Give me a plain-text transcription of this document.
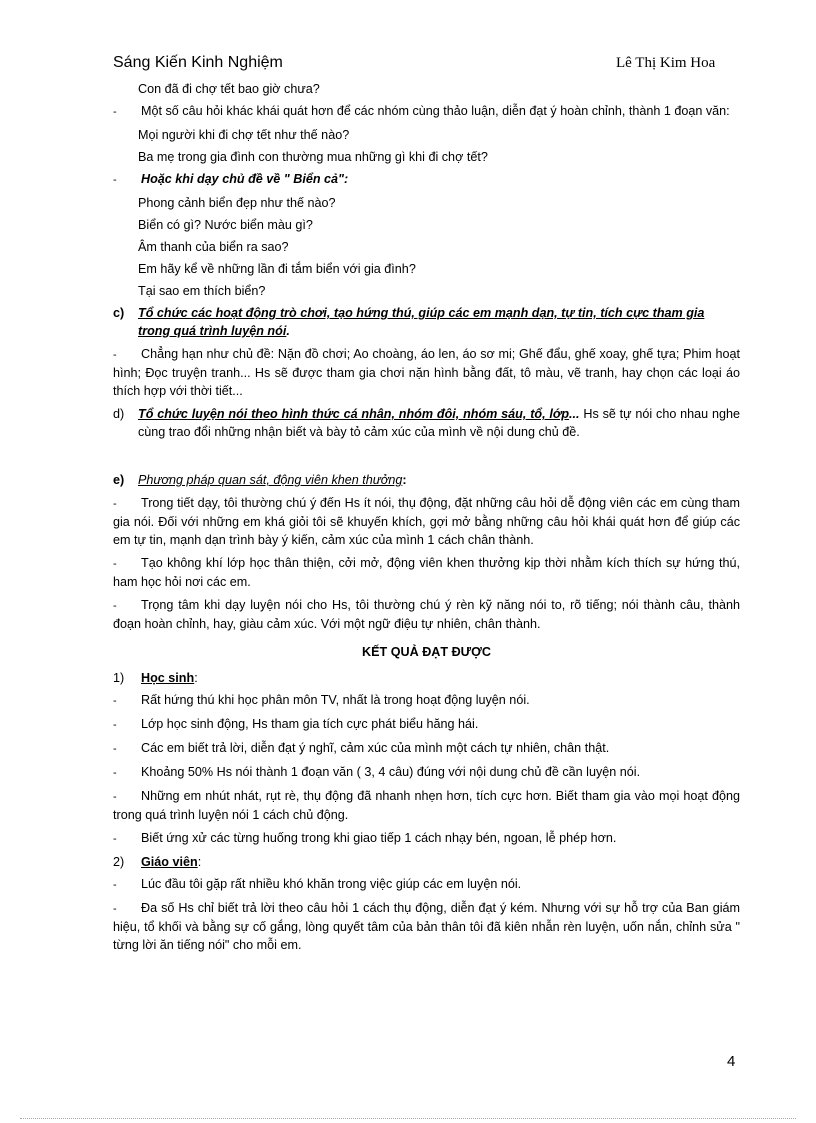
Sáng Kiến Kinh Nghiệm	Lê Thị Kim Hoa
Con đã đi chợ tết bao giờ chưa?
- Một số câu hỏi khác khái quát hơn để các nhóm cùng thảo luận, diễn đạt ý hoàn chỉnh, thành 1 đoạn văn:
Mọi người khi đi chợ tết như thế nào?
Ba mẹ trong gia đình con thường mua những gì khi đi chợ tết?
- Hoặc khi dạy chủ đề về " Biển cả":
Phong cảnh biển đẹp như thế nào?
Biển có gì? Nước biển màu gì?
Âm thanh của biển ra sao?
Em hãy kể về những lần đi tắm biển với gia đình?
Tại sao em thích biển?
c)	Tổ chức các hoạt động trò chơi, tạo hứng thú, giúp các em mạnh dạn, tự tin, tích cực tham gia trong quá trình luyện nói.
- Chẳng hạn như chủ đề: Nặn đồ chơi; Ao choàng, áo len, áo sơ mi; Ghế đẩu, ghế xoay, ghế tựa; Phim hoạt hình; Đọc truyện tranh... Hs sẽ được tham gia chơi nặn hình bằng đất, tô màu, vẽ tranh, hay chọn các loại áo thích hợp với thời tiết...
d)	Tổ chức luyện nói theo hình thức cá nhân, nhóm đôi, nhóm sáu, tổ, lớp... Hs sẽ tự nói cho nhau nghe cùng trao đổi những nhận biết và bày tỏ cảm xúc của mình về nội dung chủ đề.
e)	Phương pháp quan sát, động viên khen thưởng:
- Trong tiết dạy, tôi thường chú ý đến Hs ít nói, thụ động, đặt những câu hỏi dễ động viên các em cùng tham gia nói. Đối với những em khá giỏi tôi sẽ khuyến khích, gợi mở bằng những câu hỏi khái quát hơn để giúp các em tự tin, mạnh dạn trình bày ý kiến, cảm xúc của mình 1 cách chân thành.
- Tạo không khí lớp học thân thiện, cởi mở, động viên khen thưởng kịp thời nhằm kích thích sự hứng thú, ham học hỏi nơi các em.
- Trọng tâm khi dạy luyện nói cho Hs, tôi thường chú ý rèn kỹ năng nói to, rõ tiếng; nói thành câu, thành đoạn hoàn chỉnh, hay, giàu cảm xúc. Với một ngữ điệu tự nhiên, chân thành.
KẾT QUẢ ĐẠT ĐƯỢC
1)	Học sinh:
- Rất hứng thú khi học phân môn TV, nhất là trong hoạt động luyện nói.
- Lớp học sinh động, Hs tham gia tích cực phát biểu hăng hái.
- Các em biết trả lời, diễn đạt ý nghĩ, cảm xúc của mình một cách tự nhiên, chân thật.
- Khoảng 50% Hs nói thành 1 đoạn văn ( 3, 4 câu) đúng với nội dung chủ đề cần luyện nói.
- Những em nhút nhát, rụt rè, thụ động đã nhanh nhẹn hơn, tích cực hơn. Biết tham gia vào mọi hoạt động trong quá trình luyện nói 1 cách chủ động.
- Biết ứng xử các từng huống trong khi giao tiếp 1 cách nhạy bén, ngoan, lễ phép hơn.
2)	Giáo viên:
- Lúc đầu tôi gặp rất nhiều khó khăn trong việc giúp các em luyện nói.
- Đa số Hs chỉ biết trả lời theo câu hỏi 1 cách thụ động, diễn đạt ý kém. Nhưng với sự hỗ trợ của Ban giám hiệu, tổ khối và bằng sự cố gắng, lòng quyết tâm của bản thân tôi đã kiên nhẫn rèn luyện, uốn nắn, chỉnh sửa " từng lời ăn tiếng nói" cho mỗi em.
4
